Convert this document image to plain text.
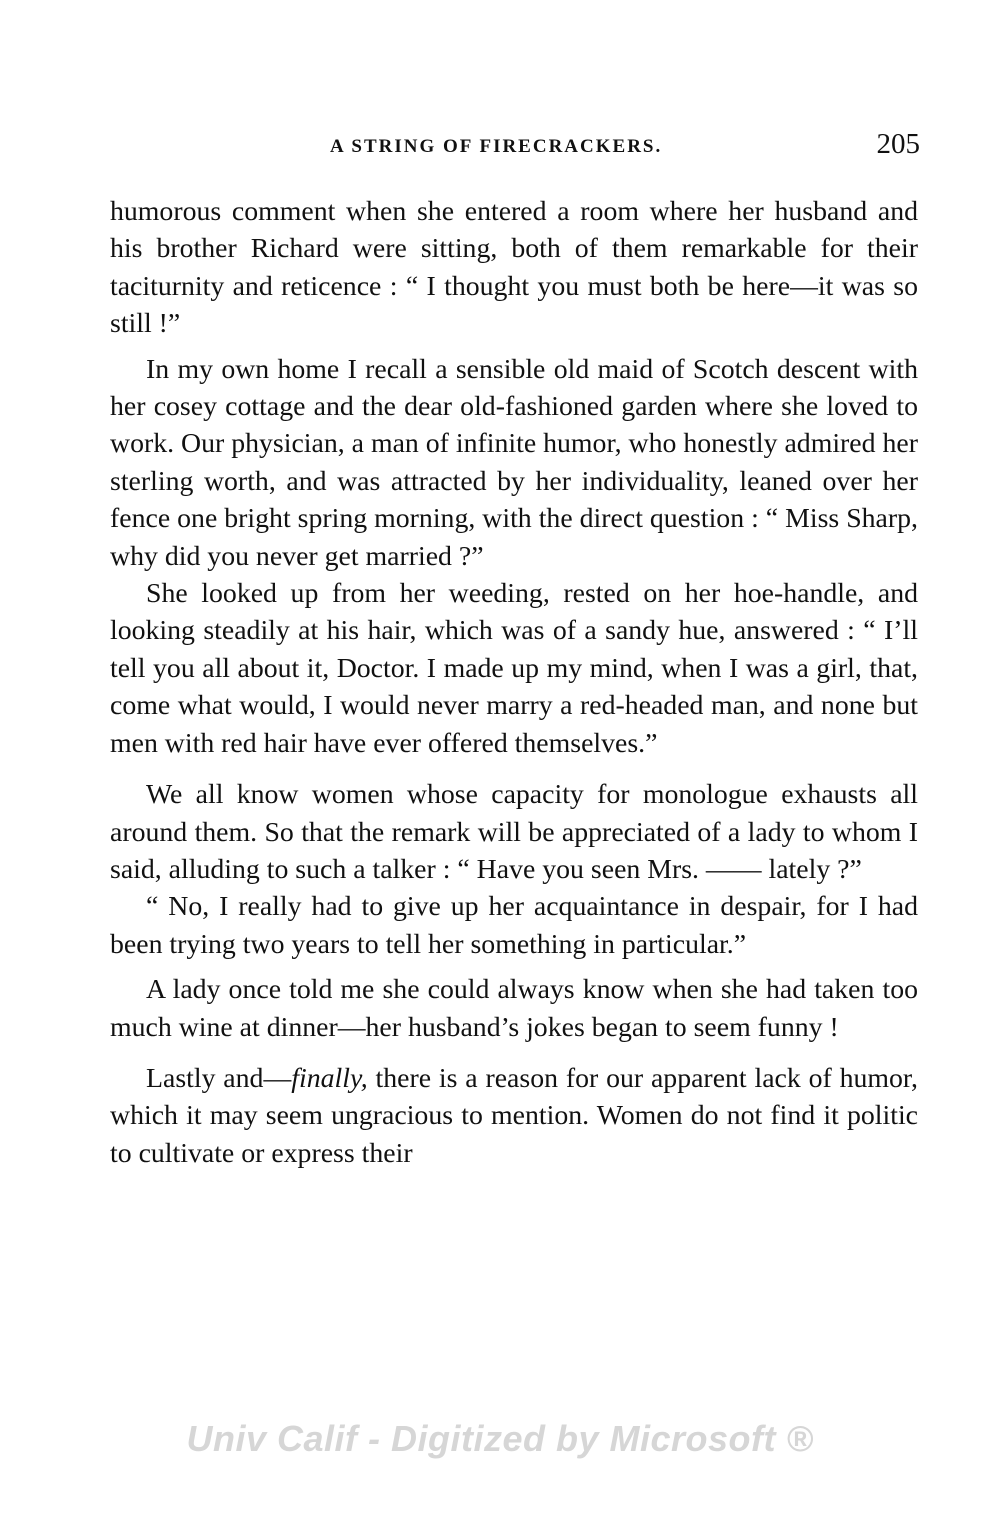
A STRING OF FIRECRACKERS.	205

humorous comment when she entered a room where her husband and his brother Richard were sitting, both of them remarkable for their taciturnity and reticence : “ I thought you must both be here—it was so still !”

In my own home I recall a sensible old maid of Scotch descent with her cosey cottage and the dear old-fashioned garden where she loved to work. Our physician, a man of infinite humor, who honestly admired her sterling worth, and was attracted by her individuality, leaned over her fence one bright spring morning, with the direct question : “ Miss Sharp, why did you never get married ?”

She looked up from her weeding, rested on her hoe-handle, and looking steadily at his hair, which was of a sandy hue, answered : “ I’ll tell you all about it, Doctor. I made up my mind, when I was a girl, that, come what would, I would never marry a red-headed man, and none but men with red hair have ever offered themselves.”

We all know women whose capacity for monologue exhausts all around them. So that the remark will be appreciated of a lady to whom I said, alluding to such a talker : “ Have you seen Mrs. —— lately ?”

“ No, I really had to give up her acquaintance in despair, for I had been trying two years to tell her something in particular.”

A lady once told me she could always know when she had taken too much wine at dinner—her husband’s jokes began to seem funny !

Lastly and—finally, there is a reason for our apparent lack of humor, which it may seem ungracious to mention. Women do not find it politic to cultivate or express their

Univ Calif - Digitized by Microsoft ®
